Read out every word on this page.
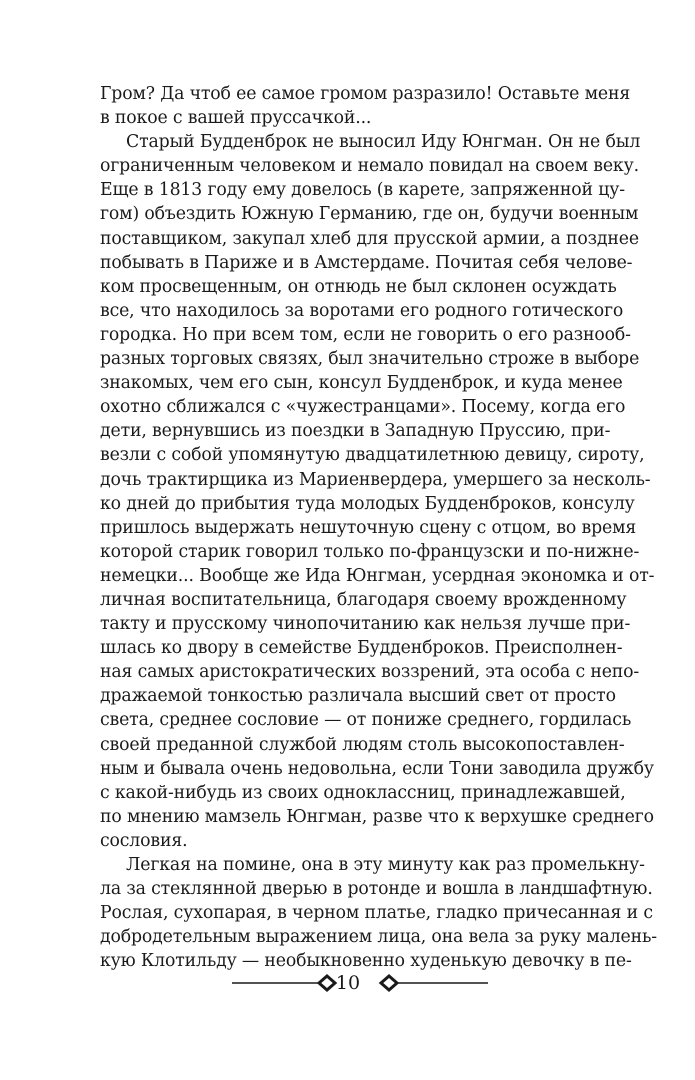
Гром? Да чтоб ее самое громом разразило! Оставьте меня
в покое с вашей пруссачкой...
Старый Будденброк не выносил Иду Юнгман. Он не был
ограниченным человеком и немало повидал на своем веку.
Еще в 1813 году ему довелось (в карете, запряженной цу-
гом) объездить Южную Германию, где он, будучи военным
поставщиком, закупал хлеб для прусской армии, а позднее
побывать в Париже и в Амстердаме. Почитая себя челове-
ком просвещенным, он отнюдь не был склонен осуждать
все, что находилось за воротами его родного готического
городка. Но при всем том, если не говорить о его разнооб-
разных торговых связях, был значительно строже в выборе
знакомых, чем его сын, консул Будденброк, и куда менее
охотно сближался с «чужестранцами». Посему, когда его
дети, вернувшись из поездки в Западную Пруссию, при-
везли с собой упомянутую двадцатилетнюю девицу, сироту,
дочь трактирщика из Мариенвердера, умершего за несколь-
ко дней до прибытия туда молодых Будденброков, консулу
пришлось выдержать нешуточную сцену с отцом, во время
которой старик говорил только по-французски и по-нижне-
немецки... Вообще же Ида Юнгман, усердная экономка и от-
личная воспитательница, благодаря своему врожденному
такту и прусскому чинопочитанию как нельзя лучше при-
шлась ко двору в семействе Будденброков. Преисполнен-
ная самых аристократических воззрений, эта особа с непо-
дражаемой тонкостью различала высший свет от просто
света, среднее сословие — от пониже среднего, гордилась
своей преданной службой людям столь высокопоставлен-
ным и бывала очень недовольна, если Тони заводила дружбу
с какой-нибудь из своих одноклассниц, принадлежавшей,
по мнению мамзель Юнгман, разве что к верхушке среднего
сословия.
Легкая на помине, она в эту минуту как раз промелькну-
ла за стеклянной дверью в ротонде и вошла в ландшафтную.
Рослая, сухопарая, в черном платье, гладко причесанная и с
добродетельным выражением лица, она вела за руку малень-
кую Клотильду — необыкновенно худенькую девочку в пе-
10
